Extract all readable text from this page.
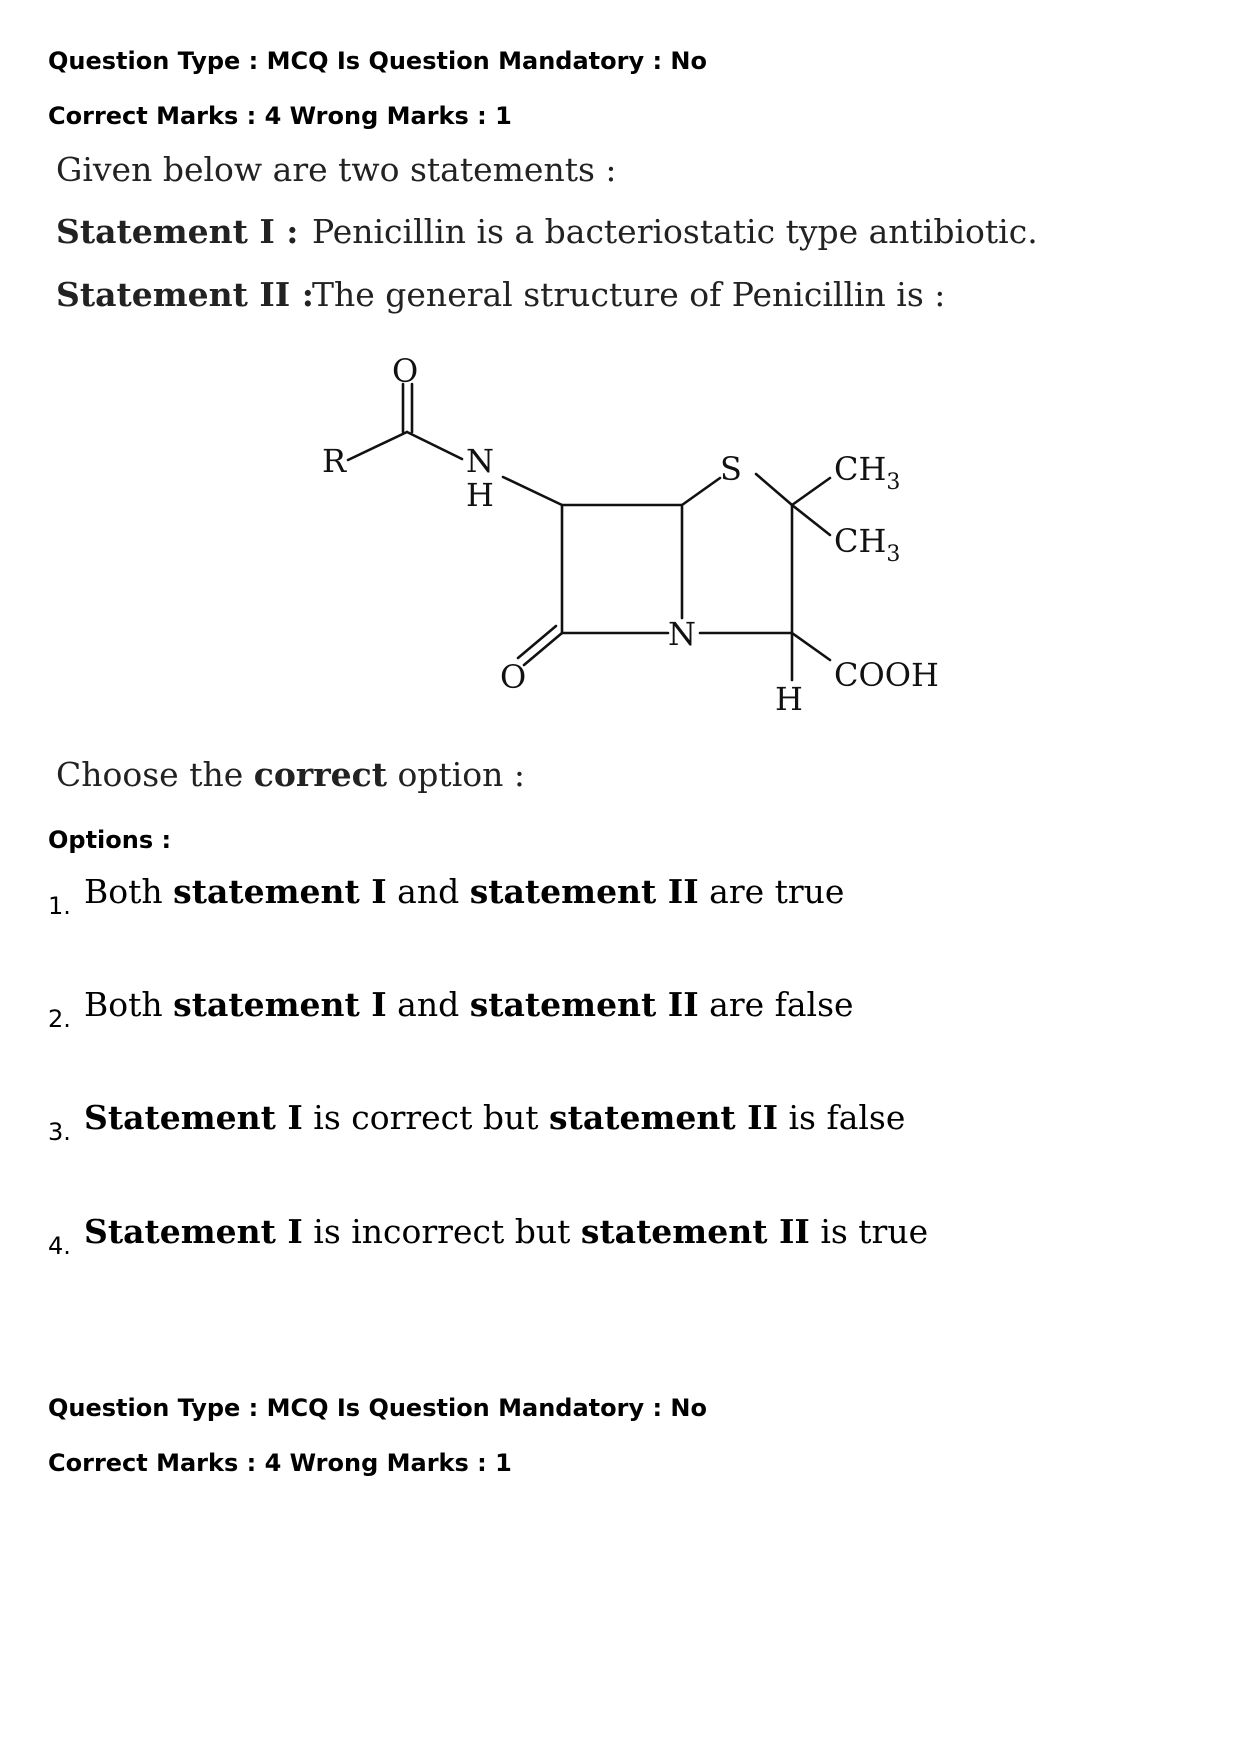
Question Type : MCQ Is Question Mandatory : No
Correct Marks : 4 Wrong Marks : 1
Given below are two statements :
Statement I : Penicillin is a bacteriostatic type antibiotic.
Statement II :
The general structure of Penicillin is :
O
R	N
H
S	$CH_3$
$CH_3$
N
O
H
COOH
Choose the correct option :
Options :
1. Both statement I and statement II are true
2. Both statement I and statement II are false
3. Statement I is correct but statement II is false
4. Statement I is incorrect but statement II is true
Question Type : MCQ Is Question Mandatory : No
Correct Marks : 4 Wrong Marks : 1
